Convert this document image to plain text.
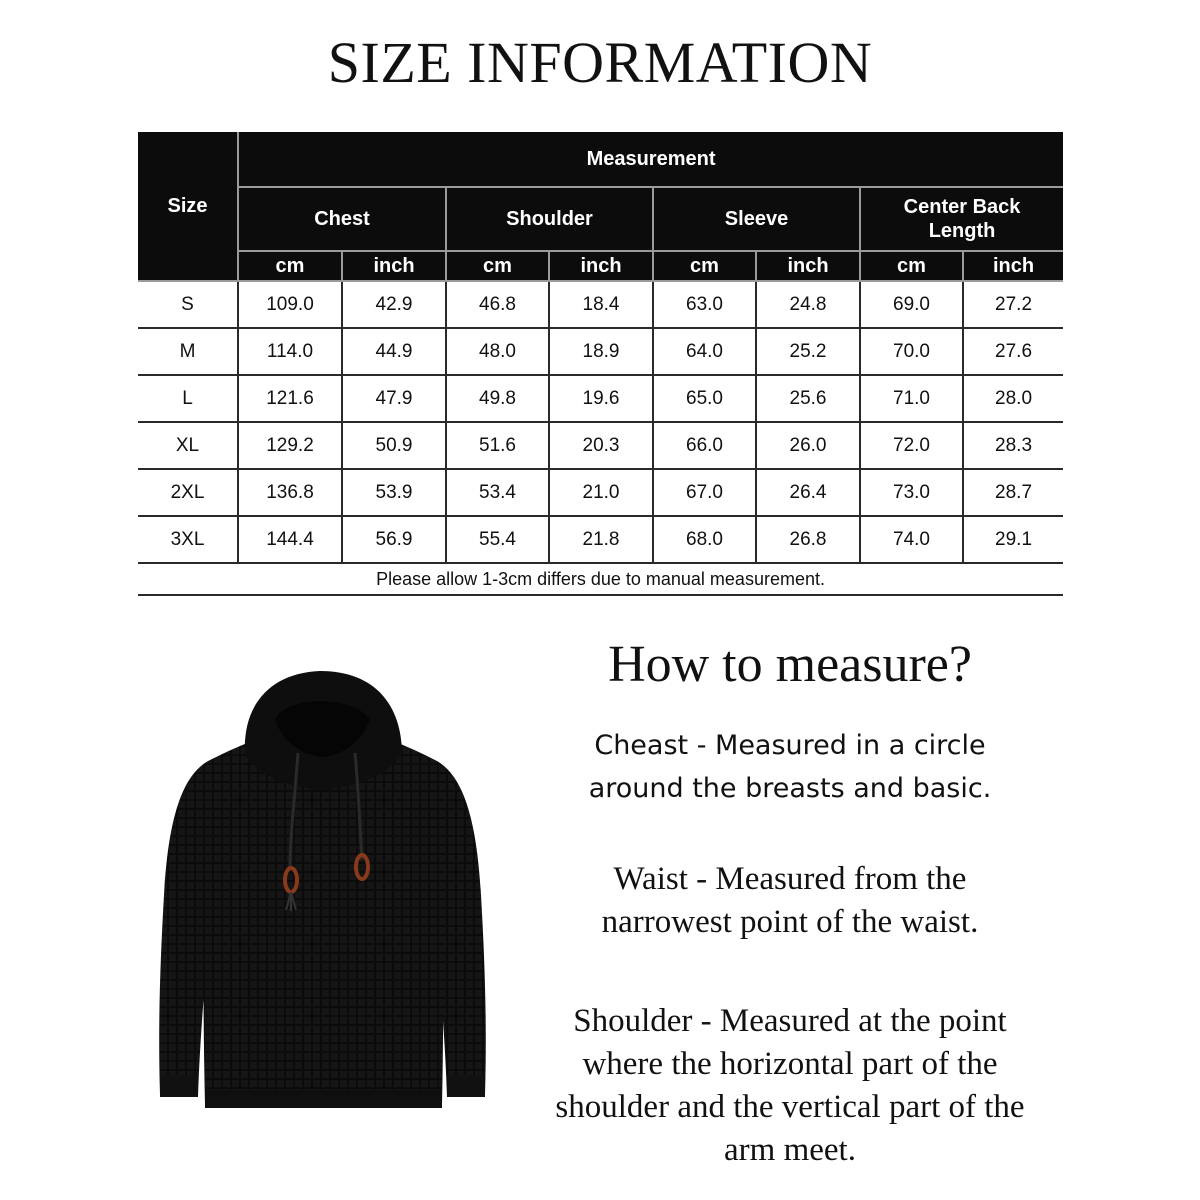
SIZE INFORMATION
Size	Measurement							
	Chest		Shoulder		Sleeve		Center Back Length	
	cm	inch	cm	inch	cm	inch	cm	inch
S	109.0	42.9	46.8	18.4	63.0	24.8	69.0	27.2
M	114.0	44.9	48.0	18.9	64.0	25.2	70.0	27.6
L	121.6	47.9	49.8	19.6	65.0	25.6	71.0	28.0
XL	129.2	50.9	51.6	20.3	66.0	26.0	72.0	28.3
2XL	136.8	53.9	53.4	21.0	67.0	26.4	73.0	28.7
3XL	144.4	56.9	55.4	21.8	68.0	26.8	74.0	29.1
Please allow 1-3cm differs due to manual measurement.								
How to measure?

Cheast - Measured in a circle
around the breasts and basic.

Waist - Measured from the
narrowest point of the waist.

Shoulder - Measured at the point
where the horizontal part of the
shoulder and the vertical part of the
arm meet.
